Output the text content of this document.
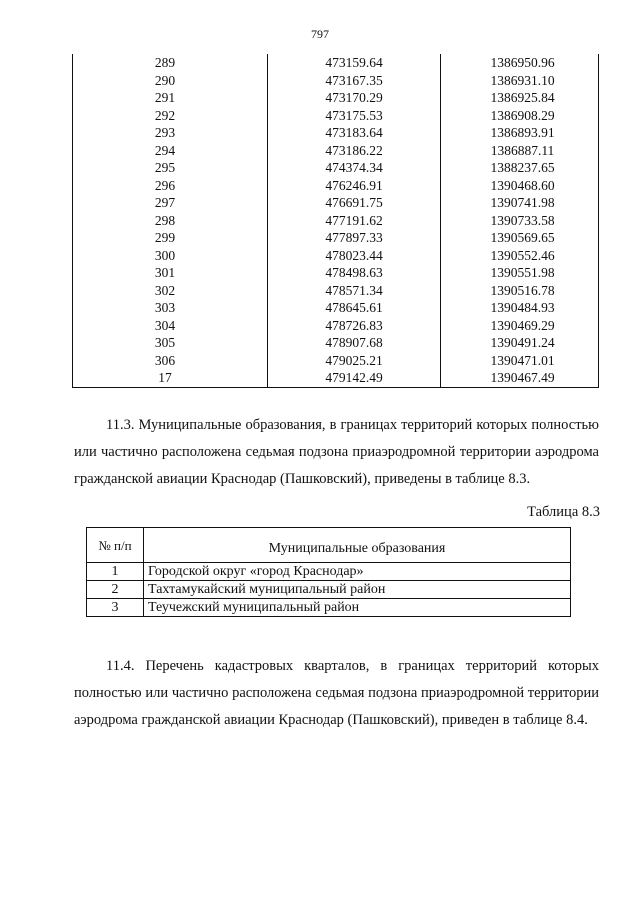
797
289	473159.64	1386950.96
290	473167.35	1386931.10
291	473170.29	1386925.84
292	473175.53	1386908.29
293	473183.64	1386893.91
294	473186.22	1386887.11
295	474374.34	1388237.65
296	476246.91	1390468.60
297	476691.75	1390741.98
298	477191.62	1390733.58
299	477897.33	1390569.65
300	478023.44	1390552.46
301	478498.63	1390551.98
302	478571.34	1390516.78
303	478645.61	1390484.93
304	478726.83	1390469.29
305	478907.68	1390491.24
306	479025.21	1390471.01
17	479142.49	1390467.49

11.3. Муниципальные образования, в границах территорий которых полностью или частично расположена седьмая подзона приаэродромной территории аэродрома гражданской авиации Краснодар (Пашковский), приведены в таблице 8.3.

Таблица 8.3
№ п/п	Муниципальные образования
1	Городской округ «город Краснодар»
2	Тахтамукайский муниципальный район
3	Теучежский муниципальный район

11.4. Перечень кадастровых кварталов, в границах территорий которых полностью или частично расположена седьмая подзона приаэродромной территории аэродрома гражданской авиации Краснодар (Пашковский), приведен в таблице 8.4.
